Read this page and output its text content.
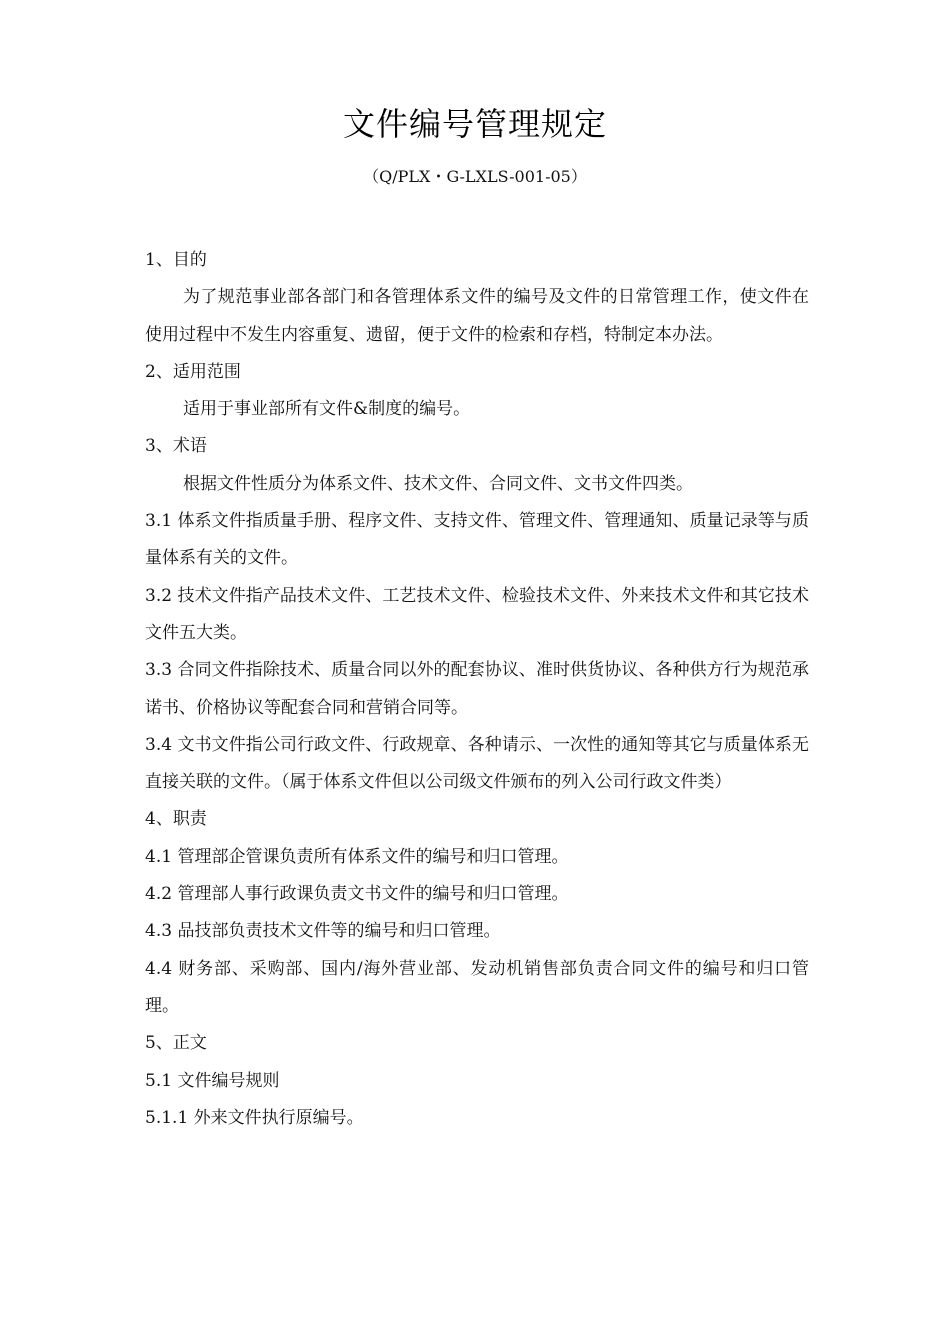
文件编号管理规定
（Q/PLX・G-LXLS-001-05）

1、目的

为了规范事业部各部门和各管理体系文件的编号及文件的日常管理工作，使文件在使用过程中不发生内容重复、遗留，便于文件的检索和存档，特制定本办法。

2、适用范围

适用于事业部所有文件&制度的编号。

3、术语

根据文件性质分为体系文件、技术文件、合同文件、文书文件四类。

3.1 体系文件指质量手册、程序文件、支持文件、管理文件、管理通知、质量记录等与质量体系有关的文件。

3.2 技术文件指产品技术文件、工艺技术文件、检验技术文件、外来技术文件和其它技术文件五大类。

3.3 合同文件指除技术、质量合同以外的配套协议、准时供货协议、各种供方行为规范承诺书、价格协议等配套合同和营销合同等。

3.4 文书文件指公司行政文件、行政规章、各种请示、一次性的通知等其它与质量体系无直接关联的文件。（属于体系文件但以公司级文件颁布的列入公司行政文件类）

4、职责

4.1 管理部企管课负责所有体系文件的编号和归口管理。

4.2 管理部人事行政课负责文书文件的编号和归口管理。

4.3 品技部负责技术文件等的编号和归口管理。

4.4 财务部、采购部、国内/海外营业部、发动机销售部负责合同文件的编号和归口管理。

5、正文

5.1 文件编号规则

5.1.1 外来文件执行原编号。
